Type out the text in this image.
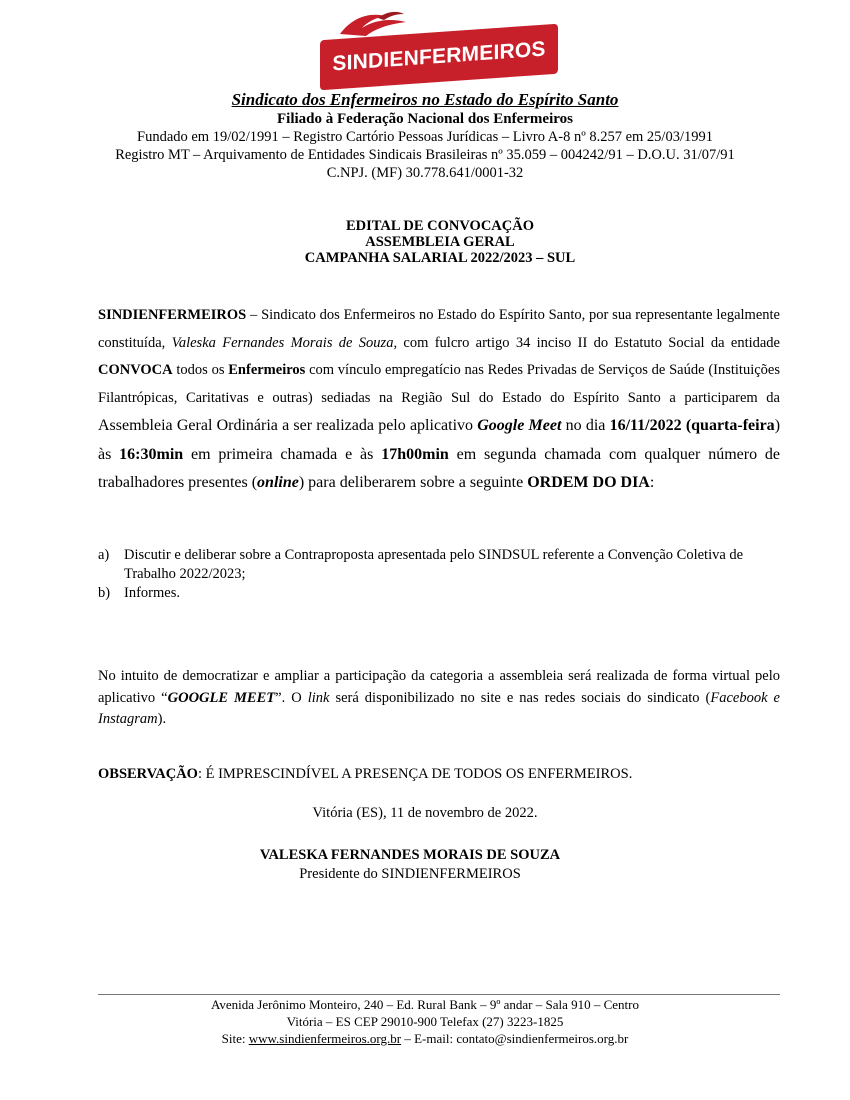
SINDIENFERMEIROS
Sindicato dos Enfermeiros no Estado do Espírito Santo
Filiado à Federação Nacional dos Enfermeiros
Fundado em 19/02/1991 – Registro Cartório Pessoas Jurídicas – Livro A-8 nº 8.257 em 25/03/1991
Registro MT – Arquivamento de Entidades Sindicais Brasileiras nº 35.059 – 004242/91 – D.O.U. 31/07/91
C.NPJ. (MF) 30.778.641/0001-32
EDITAL DE CONVOCAÇÃO
ASSEMBLEIA GERAL
CAMPANHA SALARIAL 2022/2023 – SUL
SINDIENFERMEIROS – Sindicato dos Enfermeiros no Estado do Espírito Santo, por sua representante legalmente constituída, Valeska Fernandes Morais de Souza, com fulcro artigo 34 inciso II do Estatuto Social da entidade CONVOCA todos os Enfermeiros com vínculo empregatício nas Redes Privadas de Serviços de Saúde (Instituições Filantrópicas, Caritativas e outras) sediadas na Região Sul do Estado do Espírito Santo a participarem da Assembleia Geral Ordinária a ser realizada pelo aplicativo Google Meet no dia 16/11/2022 (quarta-feira) às 16:30min em primeira chamada e às 17h00min em segunda chamada com qualquer número de trabalhadores presentes (online) para deliberarem sobre a seguinte ORDEM DO DIA:
a)	Discutir e deliberar sobre a Contraproposta apresentada pelo SINDSUL referente a Convenção Coletiva de Trabalho 2022/2023;
b) Informes.
No intuito de democratizar e ampliar a participação da categoria a assembleia será realizada de forma virtual pelo aplicativo “GOOGLE MEET”. O link será disponibilizado no site e nas redes sociais do sindicato (Facebook e Instagram).
OBSERVAÇÃO: É IMPRESCINDÍVEL A PRESENÇA DE TODOS OS ENFERMEIROS.
Vitória (ES), 11 de novembro de 2022.
VALESKA FERNANDES MORAIS DE SOUZA
Presidente do SINDIENFERMEIROS
Avenida Jerônimo Monteiro, 240 – Ed. Rural Bank – 9º andar – Sala 910 – Centro
Vitória – ES CEP 29010-900 Telefax (27) 3223-1825
Site: www.sindienfermeiros.org.br – E-mail: contato@sindienfermeiros.org.br
